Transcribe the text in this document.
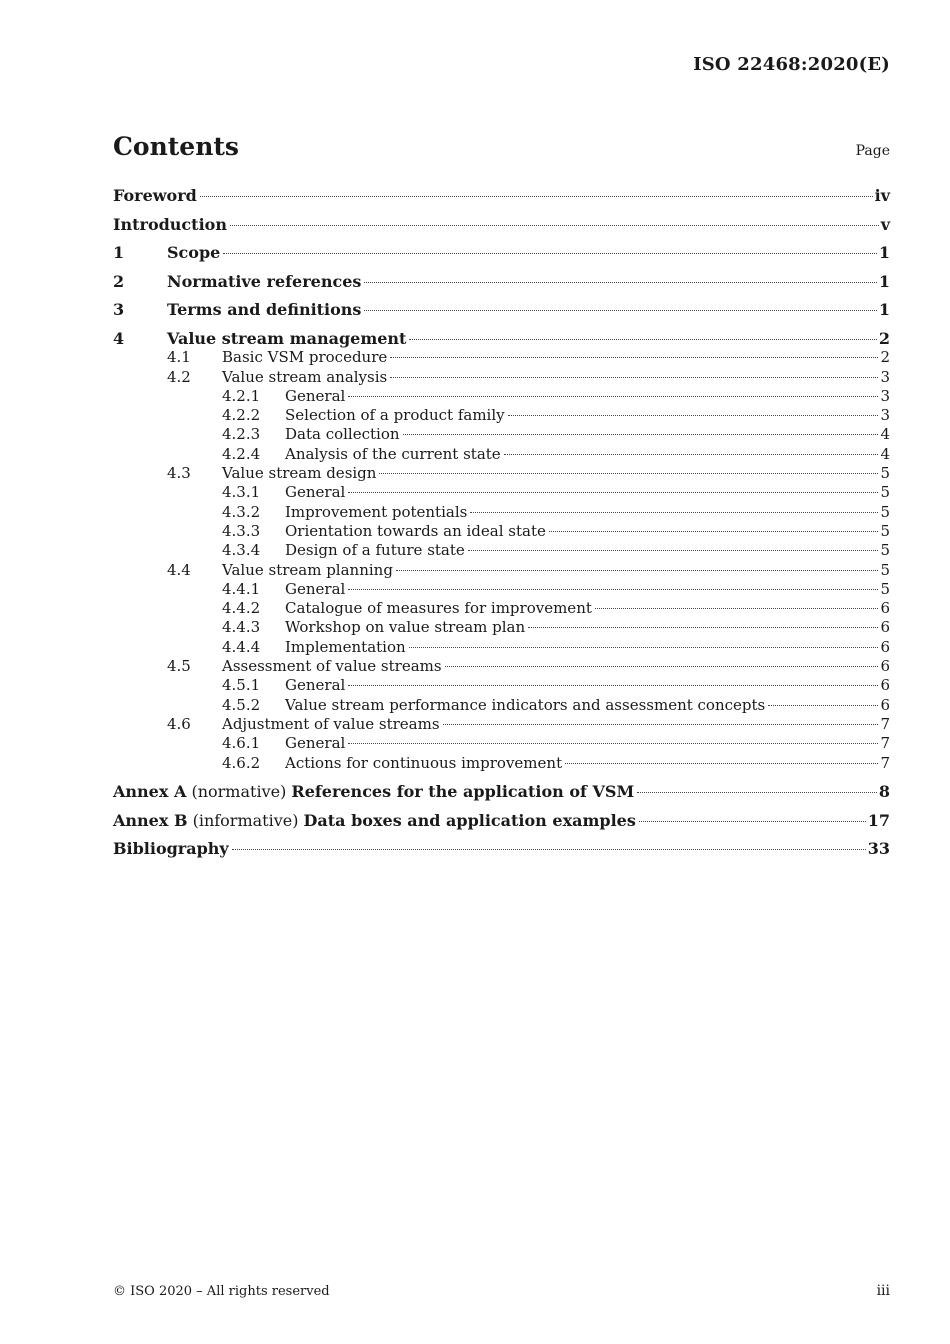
ISO 22468:2020(E)
Contents	Page
Foreword	iv
Introduction	v
1	Scope	1
2	Normative references	1
3	Terms and definitions	1
4	Value stream management	2
4.1	Basic VSM procedure	2
4.2	Value stream analysis	3
4.2.1	General	3
4.2.2	Selection of a product family	3
4.2.3	Data collection	4
4.2.4	Analysis of the current state	4
4.3	Value stream design	5
4.3.1	General	5
4.3.2	Improvement potentials	5
4.3.3	Orientation towards an ideal state	5
4.3.4	Design of a future state	5
4.4	Value stream planning	5
4.4.1	General	5
4.4.2	Catalogue of measures for improvement	6
4.4.3	Workshop on value stream plan	6
4.4.4	Implementation	6
4.5	Assessment of value streams	6
4.5.1	General	6
4.5.2	Value stream performance indicators and assessment concepts	6
4.6	Adjustment of value streams	7
4.6.1	General	7
4.6.2	Actions for continuous improvement	7
Annex A (normative) References for the application of VSM	8
Annex B (informative) Data boxes and application examples	17
Bibliography	33
© ISO 2020 – All rights reserved	iii
